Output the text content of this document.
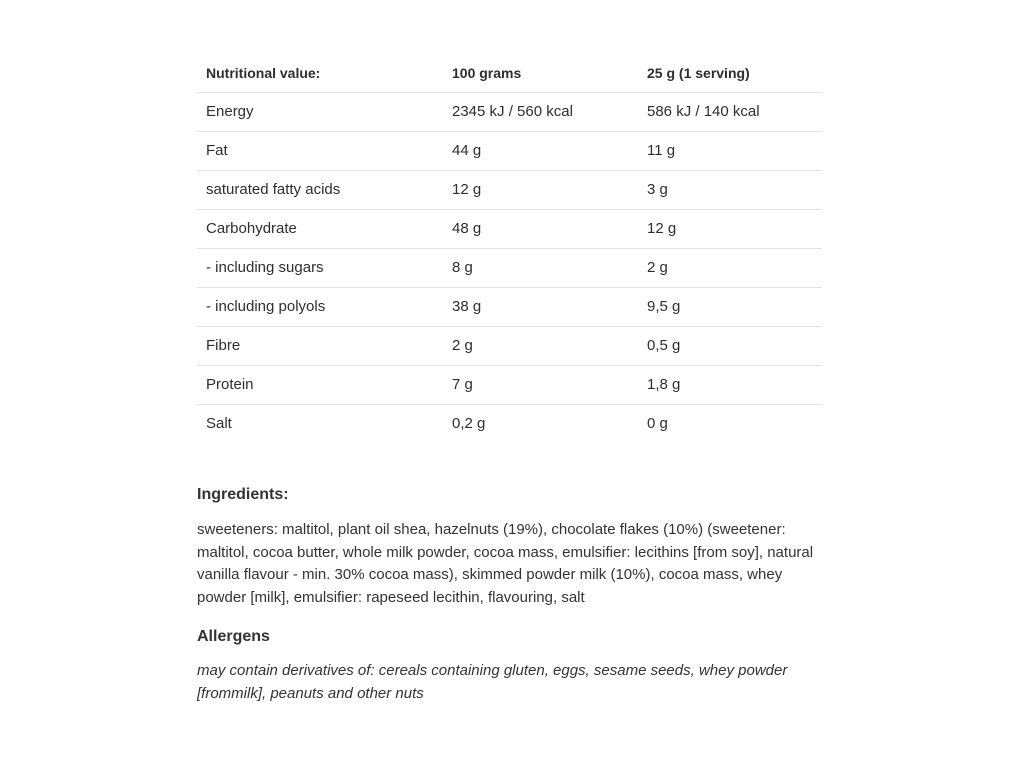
Nutritional value:	100 grams	25 g (1 serving)
Energy	2345 kJ / 560 kcal	586 kJ / 140 kcal
Fat	44 g	11 g
saturated fatty acids	12 g	3 g
Carbohydrate	48 g	12 g
- including sugars	8 g	2 g
- including polyols	38 g	9,5 g
Fibre	2 g	0,5 g
Protein	7 g	1,8 g
Salt	0,2 g	0 g
Ingredients:

sweeteners: maltitol, plant oil shea, hazelnuts (19%), chocolate flakes (10%) (sweetener: maltitol, cocoa butter, whole milk powder, cocoa mass, emulsifier: lecithins [from soy], natural vanilla flavour - min. 30% cocoa mass), skimmed powder milk (10%), cocoa mass, whey powder [milk], emulsifier: rapeseed lecithin, flavouring, salt

Allergens

may contain derivatives of: cereals containing gluten, eggs, sesame seeds, whey powder [frommilk], peanuts and other nuts
